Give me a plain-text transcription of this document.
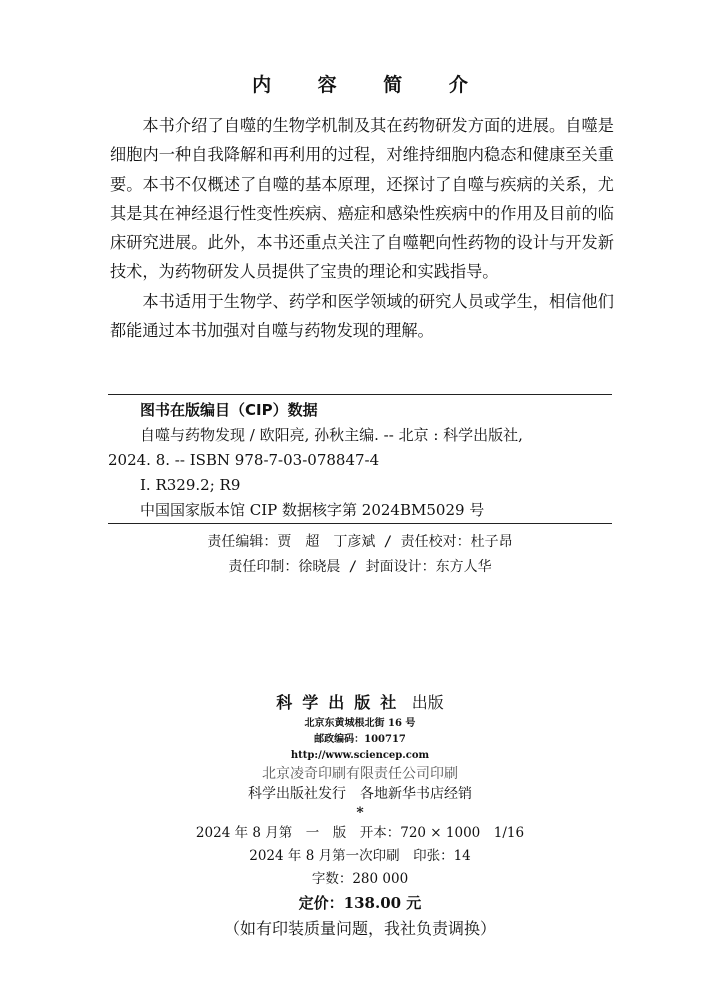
内 容 简 介

本书介绍了自噬的生物学机制及其在药物研发方面的进展。自噬是细胞内一种自我降解和再利用的过程，对维持细胞内稳态和健康至关重要。本书不仅概述了自噬的基本原理，还探讨了自噬与疾病的关系，尤其是其在神经退行性变性疾病、癌症和感染性疾病中的作用及目前的临床研究进展。此外，本书还重点关注了自噬靶向性药物的设计与开发新技术，为药物研发人员提供了宝贵的理论和实践指导。

本书适用于生物学、药学和医学领域的研究人员或学生，相信他们都能通过本书加强对自噬与药物发现的理解。

图书在版编目（CIP）数据
自噬与药物发现 / 欧阳亮, 孙秋主编. -- 北京 : 科学出版社,
2024. 8. -- ISBN 978-7-03-078847-4
Ⅰ. R329.2; R9
中国国家版本馆 CIP 数据核字第 2024BM5029 号
责任编辑：贾　超　丁彦斌 / 责任校对：杜子昂
责任印制：徐晓晨 / 封面设计：东方人华
科学出版社 出版
北京东黄城根北街 16 号
邮政编码：100717
http://www.sciencep.com
北京凌奇印刷有限责任公司印刷
科学出版社发行　各地新华书店经销
*
2024 年 8 月第　一　版　开本：720 × 1000　1/16
2024 年 8 月第一次印刷　印张：14
字数：280 000
定价：138.00 元
（如有印装质量问题，我社负责调换）
